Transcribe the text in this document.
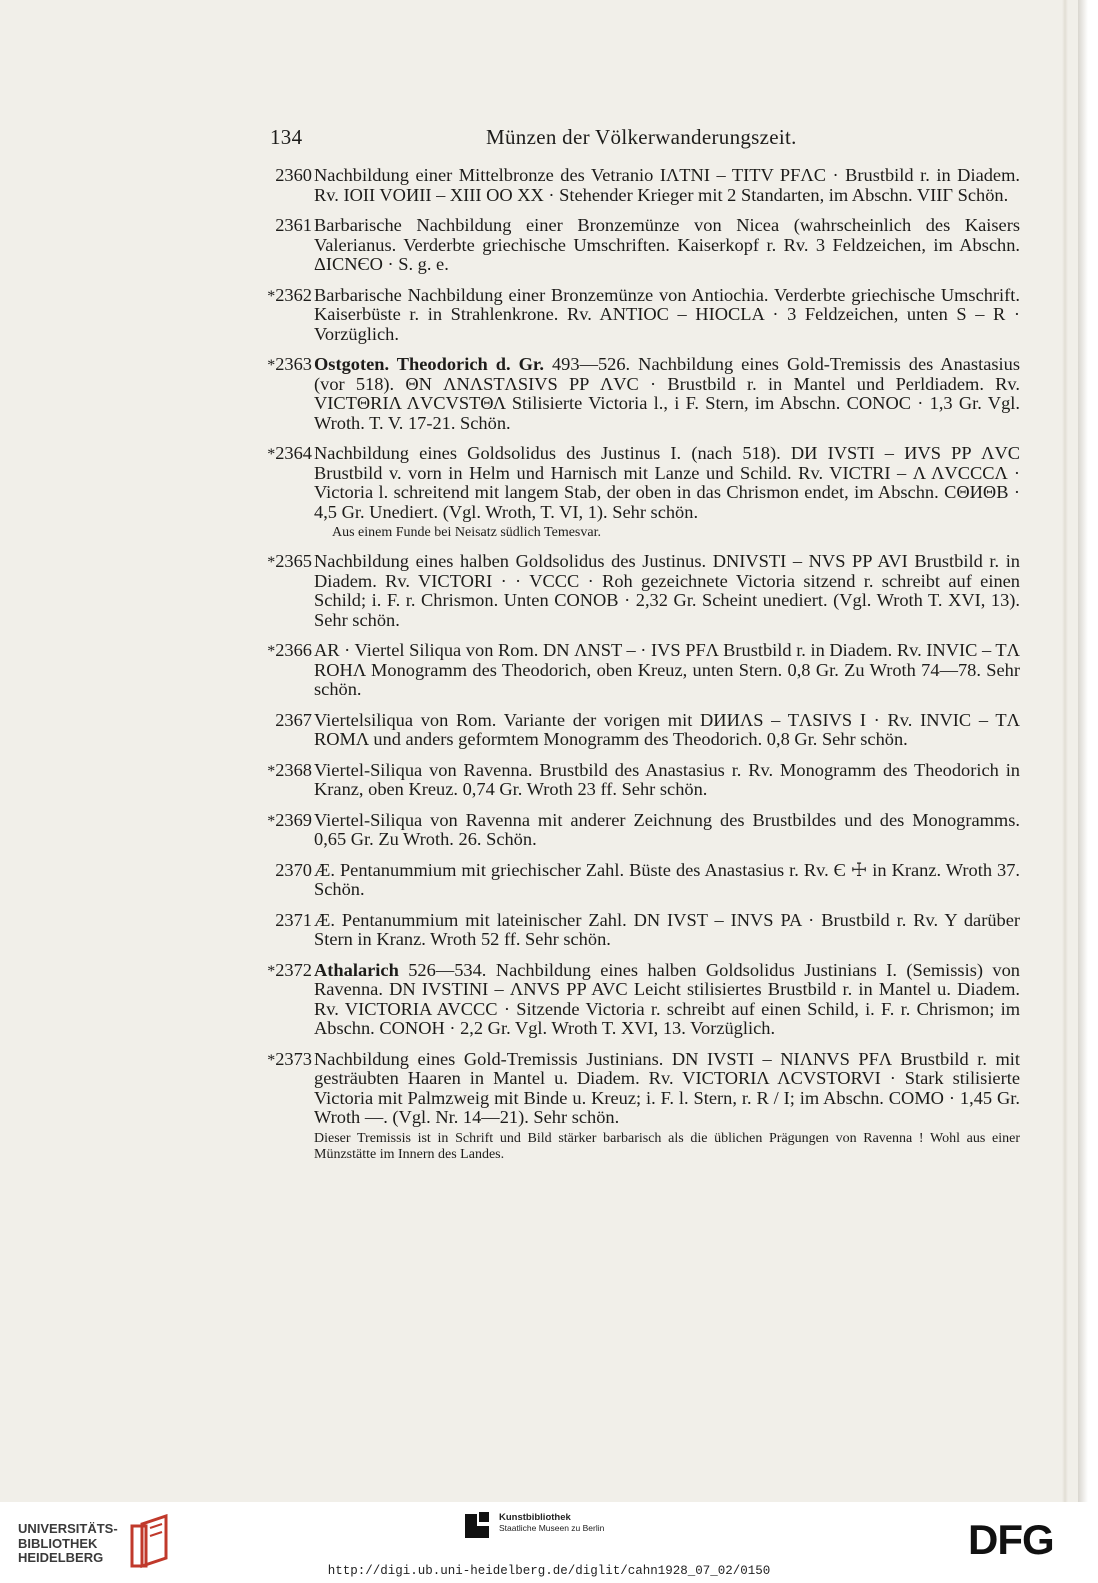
134	Münzen der Völkerwanderungszeit.
2360 Nachbildung einer Mittelbronze des Vetranio IΛTNI – TITV PFΛC · Brustbild r. in Diadem. Rv. IOII VOИII – XIII OO XX · Stehender Krieger mit 2 Standarten, im Abschn. VIIΓ Schön.
2361 Barbarische Nachbildung einer Bronzemünze von Nicea (wahrscheinlich des Kaisers Valerianus. Verderbte griechische Umschriften. Kaiserkopf r. Rv. 3 Feldzeichen, im Abschn. ΔICNЄO · S. g. e.
*2362 Barbarische Nachbildung einer Bronzemünze von Antiochia. Verderbte griechische Umschrift. Kaiserbüste r. in Strahlenkrone. Rv. ANTIOC – HIOCLA · 3 Feldzeichen, unten S – R · Vorzüglich.
*2363 Ostgoten. Theodorich d. Gr. 493—526. Nachbildung eines Gold-Tremissis des Anastasius (vor 518). ΘN ΛNΛSTΛSIVS PP ΛVC · Brustbild r. in Mantel und Perldiadem. Rv. VICTΘRIΛ ΛVCVSTΘΛ Stilisierte Victoria l., i F. Stern, im Abschn. CONOC · 1,3 Gr. Vgl. Wroth. T. V. 17-21. Schön.
*2364 Nachbildung eines Goldsolidus des Justinus I. (nach 518). DИ IVSTI – ИVS PP ΛVC Brustbild v. vorn in Helm und Harnisch mit Lanze und Schild. Rv. VICTRI – Λ ΛVCCCΛ · Victoria l. schreitend mit langem Stab, der oben in das Chrismon endet, im Abschn. CΘИΘB · 4,5 Gr. Unediert. (Vgl. Wroth, T. VI, 1). Sehr schön.
Aus einem Funde bei Neisatz südlich Temesvar.
*2365 Nachbildung eines halben Goldsolidus des Justinus. DNIVSTI – NVS PP AVI Brustbild r. in Diadem. Rv. VICTORI · · VCCC · Roh gezeichnete Victoria sitzend r. schreibt auf einen Schild; i. F. r. Chrismon. Unten CONOB · 2,32 Gr. Scheint unediert. (Vgl. Wroth T. XVI, 13). Sehr schön.
*2366 AR · Viertel Siliqua von Rom. DN ΛNST – · IVS PFΛ Brustbild r. in Diadem. Rv. INVIC – TΛ ROHΛ Monogramm des Theodorich, oben Kreuz, unten Stern. 0,8 Gr. Zu Wroth 74—78. Sehr schön.
2367 Viertelsiliqua von Rom. Variante der vorigen mit DИИΛS – TΛSIVS I · Rv. INVIC – TΛ ROMΛ und anders geformtem Monogramm des Theodorich. 0,8 Gr. Sehr schön.
*2368 Viertel-Siliqua von Ravenna. Brustbild des Anastasius r. Rv. Monogramm des Theodorich in Kranz, oben Kreuz. 0,74 Gr. Wroth 23 ff. Sehr schön.
*2369 Viertel-Siliqua von Ravenna mit anderer Zeichnung des Brustbildes und des Monogramms. 0,65 Gr. Zu Wroth. 26. Schön.
2370 Æ. Pentanummium mit griechischer Zahl. Büste des Anastasius r. Rv. Є ☩ in Kranz. Wroth 37. Schön.
2371 Æ. Pentanummium mit lateinischer Zahl. DN IVST – INVS PA · Brustbild r. Rv. Y darüber Stern in Kranz. Wroth 52 ff. Sehr schön.
*2372 Athalarich 526—534. Nachbildung eines halben Goldsolidus Justinians I. (Semissis) von Ravenna. DN IVSTINI – ΛNVS PP AVC Leicht stilisiertes Brustbild r. in Mantel u. Diadem. Rv. VICTORIA AVCCC · Sitzende Victoria r. schreibt auf einen Schild, i. F. r. Chrismon; im Abschn. CONOH · 2,2 Gr. Vgl. Wroth T. XVI, 13. Vorzüglich.
*2373 Nachbildung eines Gold-Tremissis Justinians. DN IVSTI – NIΛNVS PFΛ Brustbild r. mit gesträubten Haaren in Mantel u. Diadem. Rv. VICTORIΛ ΛCVSTORVI · Stark stilisierte Victoria mit Palmzweig mit Binde u. Kreuz; i. F. l. Stern, r. R / I; im Abschn. COMO · 1,45 Gr. Wroth —. (Vgl. Nr. 14—21). Sehr schön.
Dieser Tremissis ist in Schrift und Bild stärker barbarisch als die üblichen Prägungen von Ravenna ! Wohl aus einer Münzstätte im Innern des Landes.
UNIVERSITÄTS-
BIBLIOTHEK
HEIDELBERG
Kunstbibliothek
Staatliche Museen zu Berlin	DFG
http://digi.ub.uni-heidelberg.de/diglit/cahn1928_07_02/0150
